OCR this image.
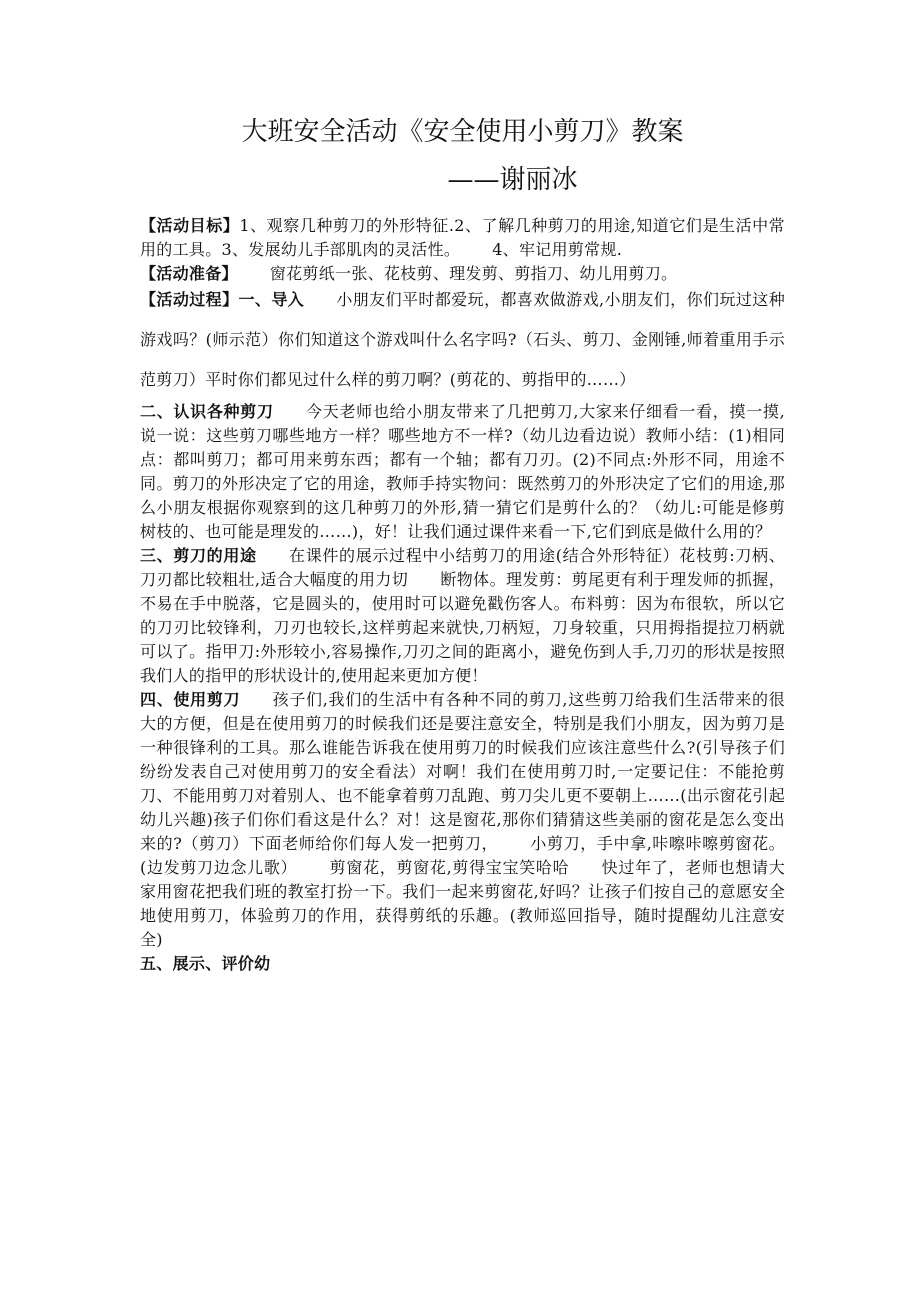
大班安全活动《安全使用小剪刀》教案
——谢丽冰

【活动目标】1、观察几种剪刀的外形特征.2、了解几种剪刀的用途,知道它们是生活中常用的工具。3、发展幼儿手部肌肉的灵活性。 4、牢记用剪常规.

【活动准备】 窗花剪纸一张、花枝剪、理发剪、剪指刀、幼儿用剪刀。

【活动过程】一、导入 小朋友们平时都爱玩，都喜欢做游戏,小朋友们，你们玩过这种游戏吗？(师示范）你们知道这个游戏叫什么名字吗?（石头、剪刀、金刚锤,师着重用手示范剪刀）平时你们都见过什么样的剪刀啊？(剪花的、剪指甲的……）

二、认识各种剪刀 今天老师也给小朋友带来了几把剪刀,大家来仔细看一看，摸一摸,说一说：这些剪刀哪些地方一样？哪些地方不一样?（幼儿边看边说）教师小结：(1)相同点：都叫剪刀；都可用来剪东西；都有一个轴；都有刀刃。(2)不同点:外形不同，用途不同。剪刀的外形决定了它的用途，教师手持实物问：既然剪刀的外形决定了它们的用途,那么小朋友根据你观察到的这几种剪刀的外形,猜一猜它们是剪什么的？（幼儿:可能是修剪树枝的、也可能是理发的……)，好！让我们通过课件来看一下,它们到底是做什么用的？

三、剪刀的用途 在课件的展示过程中小结剪刀的用途(结合外形特征）花枝剪:刀柄、刀刃都比较粗壮,适合大幅度的用力切 断物体。理发剪：剪尾更有利于理发师的抓握，不易在手中脱落，它是圆头的，使用时可以避免戳伤客人。布料剪：因为布很软，所以它的刀刃比较锋利，刀刃也较长,这样剪起来就快,刀柄短，刀身较重，只用拇指提拉刀柄就可以了。指甲刀:外形较小,容易操作,刀刃之间的距离小，避免伤到人手,刀刃的形状是按照我们人的指甲的形状设计的,使用起来更加方便！

四、使用剪刀 孩子们,我们的生活中有各种不同的剪刀,这些剪刀给我们生活带来的很大的方便，但是在使用剪刀的时候我们还是要注意安全，特别是我们小朋友，因为剪刀是一种很锋利的工具。那么谁能告诉我在使用剪刀的时候我们应该注意些什么?(引导孩子们纷纷发表自己对使用剪刀的安全看法）对啊！我们在使用剪刀时,一定要记住：不能抢剪刀、不能用剪刀对着别人、也不能拿着剪刀乱跑、剪刀尖儿更不要朝上……(出示窗花引起幼儿兴趣)孩子们你们看这是什么？对！这是窗花,那你们猜猜这些美丽的窗花是怎么变出来的?（剪刀）下面老师给你们每人发一把剪刀， 小剪刀，手中拿,咔嚓咔嚓剪窗花。(边发剪刀边念儿歌） 剪窗花，剪窗花,剪得宝宝笑哈哈 快过年了，老师也想请大家用窗花把我们班的教室打扮一下。我们一起来剪窗花,好吗？让孩子们按自己的意愿安全地使用剪刀，体验剪刀的作用，获得剪纸的乐趣。(教师巡回指导，随时提醒幼儿注意安全)

五、展示、评价幼
